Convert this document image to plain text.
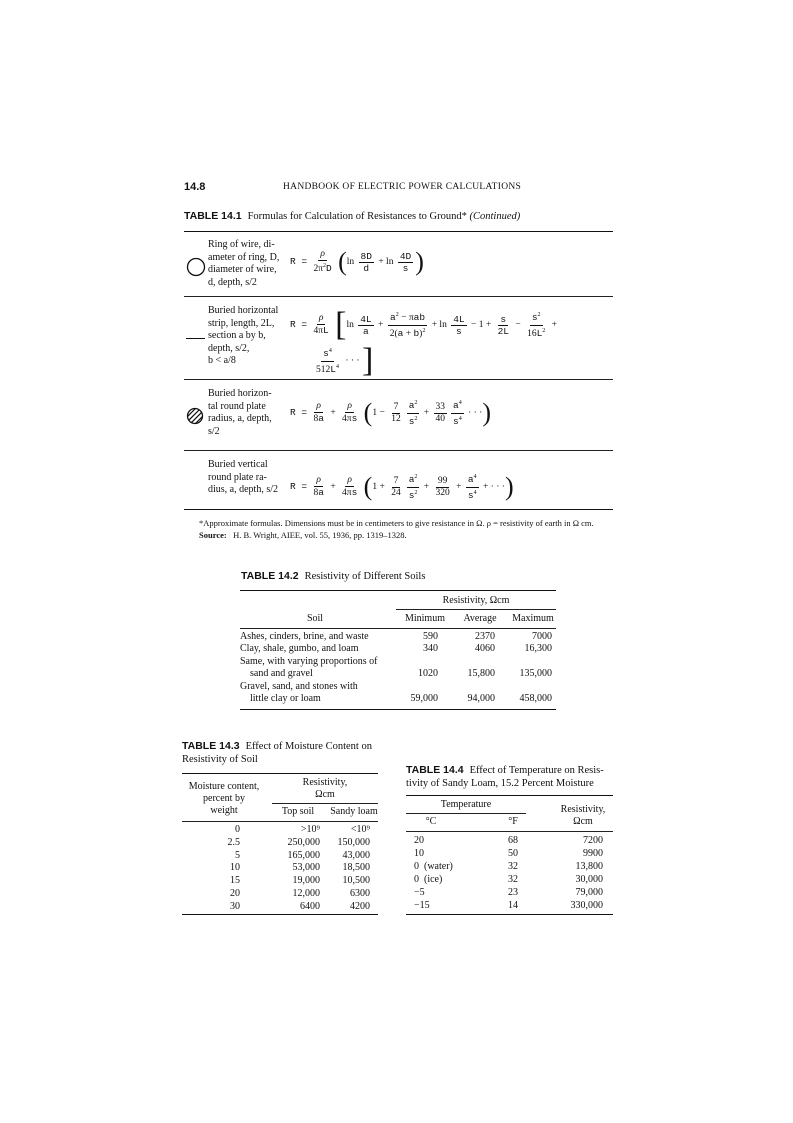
14.8	HANDBOOK OF ELECTRIC POWER CALCULATIONS
TABLE 14.1 Formulas for Calculation of Resistances to Ground* (Continued)
Ring of wire, di-
ameter of ring, D,
diameter of wire,
d, depth, s/2
$R = \frac{\rho}{2\pi^2D} (\ln \frac{8D}{d} + \ln \frac{4D}{s}$ )
Buried horizontal
strip, length, 2L,
section a by b,
depth, s/2,
b < a/8
$R = \frac{\rho}{4\pi L} [\ln \frac{4L}{a} + \frac{a^2 - \pi ab}{2(a + b)^2} + \ln \frac{4L}{s} - 1 + \frac{s}{2L} - \frac{s^2}{16L^2}$ +
$\frac{s^4}{512L^4}$ · · · ]
Buried horizon-
tal round plate
radius, a, depth,
s/2
$R = \frac{\rho}{8a} + \frac{\rho}{4\pi s} (1 - \frac{7}{12} \frac{a^2}{s^2} + \frac{33}{40} \frac{a^4}{s^4}$ · · ·)
Buried vertical
round plate ra-
dius, a, depth, s/2 $R = \frac{\rho}{8a} + \frac{\rho}{4\pi s} (1 + \frac{7}{24} \frac{a^2}{s^2} + \frac{99}{320} + \frac{a^4}{s^4}$ + · · ·)
*Approximate formulas. Dimensions must be in centimeters to give resistance in Ω. ρ = resistivity of earth in Ω cm.
Source: H. B. Wright, AIEE, vol. 55, 1936, pp. 1319–1328.
TABLE 14.2 Resistivity of Different Soils
Resistivity, Ωcm
Soil	Minimum	Average	Maximum
Ashes, cinders, brine, and waste	590	2370	7000
Clay, shale, gumbo, and loam	340	4060	16,300
Same, with varying proportions of
sand and gravel	1020	15,800	135,000
Gravel, sand, and stones with
little clay or loam	59,000	94,000	458,000
TABLE 14.3 Effect of Moisture Content on
Resistivity of Soil
Moisture content,
percent by
weight
Resistivity,
Ωcm
Top soil	Sandy loam
0	>10⁹	<10⁹
2.5	250,000	150,000
5	165,000	43,000
10	53,000	18,500
15	19,000	10,500
20	12,000	6300
30	6400	4200
TABLE 14.4 Effect of Temperature on Resis-
tivity of Sandy Loam, 15.2 Percent Moisture
Temperature
°C	°F
Resistivity,
Ωcm
20	68	7200
10	50	9900
0  (water)	32	13,800
0  (ice)	32	30,000
−5	23	79,000
−15	14	330,000
